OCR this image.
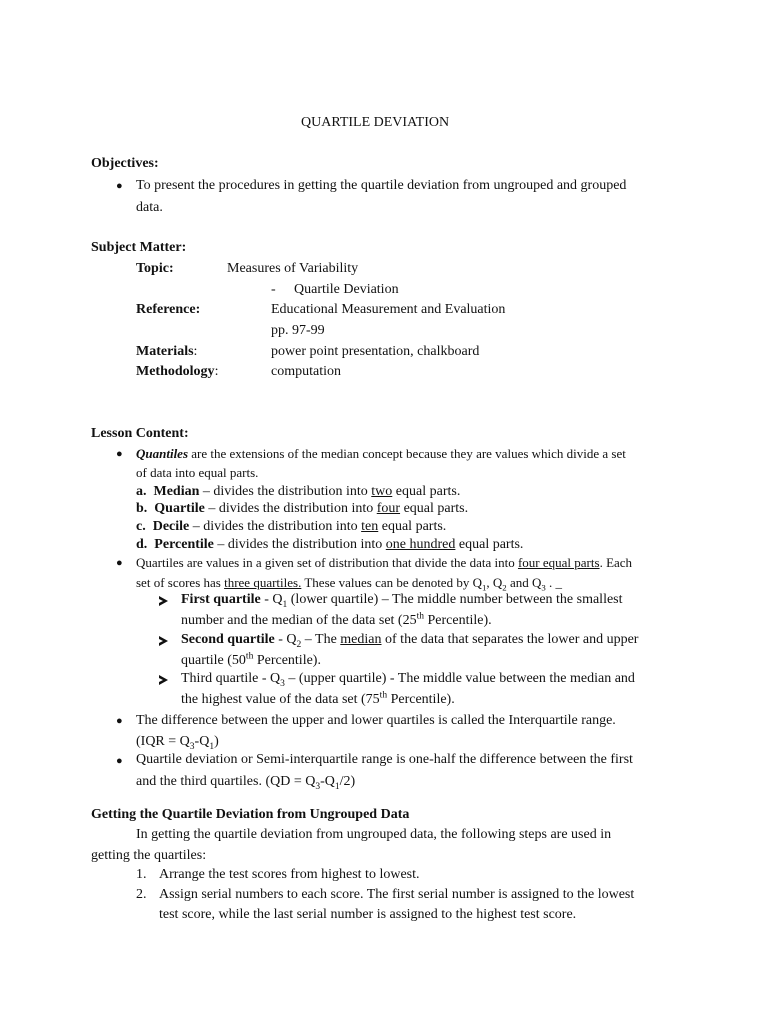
QUARTILE DEVIATION
Objectives:
● To present the procedures in getting the quartile deviation from ungrouped and grouped
data.
Subject Matter:
Topic:	Measures of Variability
- Quartile Deviation
Reference:	Educational Measurement and Evaluation
pp. 97-99
Materials:	power point presentation, chalkboard
Methodology:	computation
Lesson Content:
● Quantiles are the extensions of the median concept because they are values which divide a set
of data into equal parts.
a. Median – divides the distribution into two equal parts.
b. Quartile – divides the distribution into four equal parts.
c. Decile – divides the distribution into ten equal parts.
d. Percentile – divides the distribution into one hundred equal parts.
● Quartiles are values in a given set of distribution that divide the data into four equal parts. Each
set of scores has three quartiles. These values can be denoted by $Q_1$, $Q_2$ and $Q_3$ . _
First quartile - $Q_1$ (lower quartile) – The middle number between the smallest
number and the median of the data set (25th Percentile).
Second quartile - $Q_2$ – The median of the data that separates the lower and upper
quartile (50th Percentile).
Third quartile - $Q_3$ – (upper quartile) - The middle value between the median and
the highest value of the data set (75th Percentile).
● The difference between the upper and lower quartiles is called the Interquartile range.
$(IQR = Q_3-Q_1)$
● Quartile deviation or Semi-interquartile range is one-half the difference between the first
and the third quartiles. $(QD = Q_3-Q_1/2)$
Getting the Quartile Deviation from Ungrouped Data
In getting the quartile deviation from ungrouped data, the following steps are used in
getting the quartiles:
1. Arrange the test scores from highest to lowest.
2. Assign serial numbers to each score. The first serial number is assigned to the lowest
test score, while the last serial number is assigned to the highest test score.
